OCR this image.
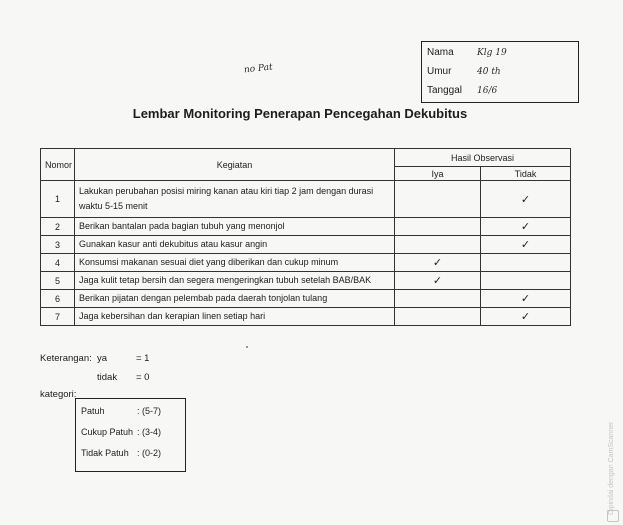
Nama	Klg 19
Umur	40 th
Tanggal 16/6
no Pat
Lembar Monitoring Penerapan Pencegahan Dekubitus
Nomor	Kegiatan	Hasil Observasi	
		Iya	Tidak
1	Lakukan perubahan posisi miring kanan atau kiri tiap 2 jam dengan durasi waktu 5-15 menit		✓
2	Berikan bantalan pada bagian tubuh yang menonjol		✓
3	Gunakan kasur anti dekubitus atau kasur angin		✓
4	Konsumsi makanan sesuai diet yang diberikan dan cukup minum	✓	
5	Jaga kulit tetap bersih dan segera mengeringkan tubuh setelah BAB/BAK	✓	
6	Berikan pijatan dengan pelembab pada daerah tonjolan tulang		✓
7	Jaga kebersihan dan kerapian linen setiap hari		✓
Keterangan: ya	= 1
tidak = 0
kategori:
Patuh	: (5-7)
Cukup Patuh : (3-4)
Tidak Patuh : (0-2)	Dipindai dengan CamScanner
